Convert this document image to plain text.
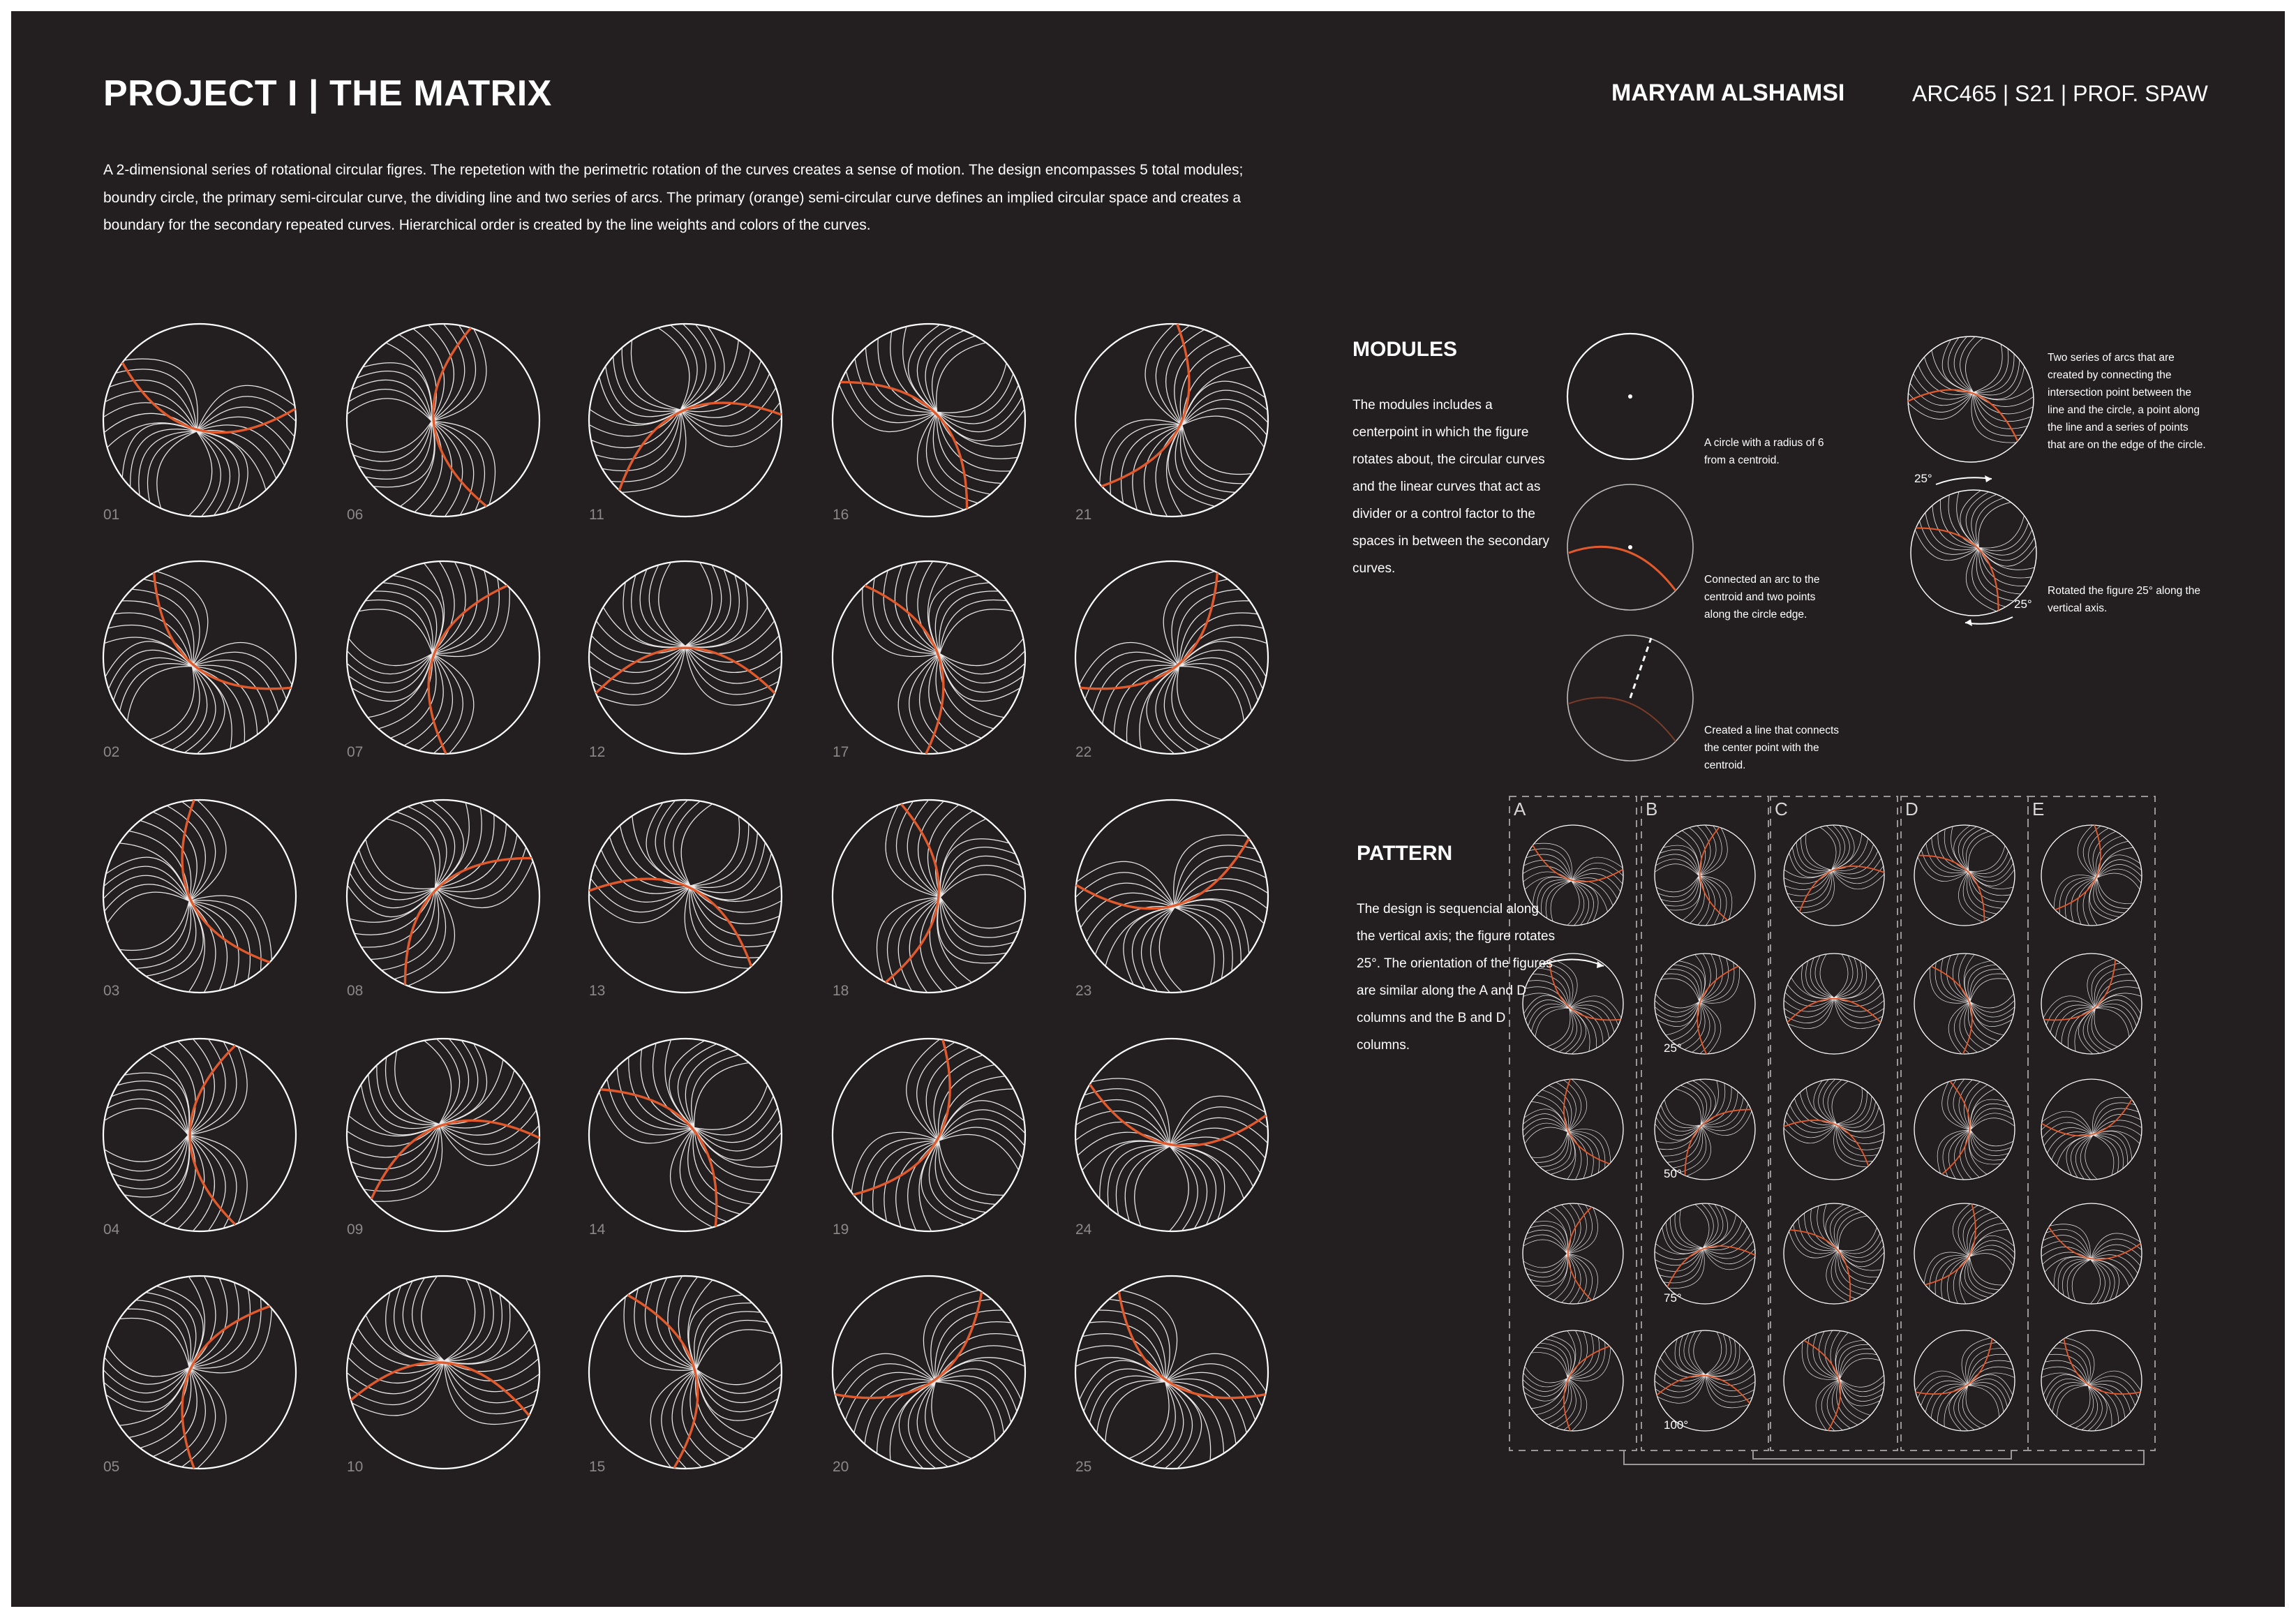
PROJECT I | THE MATRIX	MARYAM ALSHAMSI	ARC465 | S21 | PROF. SPAW
A 2-dimensional series of rotational circular figres. The repetetion with the perimetric rotation of the curves creates a sense of motion. The design encompasses 5 total modules; boundry circle, the primary semi-circular curve, the dividing line and two series of arcs. The primary (orange) semi-circular curve defines an implied circular space and creates a boundary for the secondary repeated curves. Hierarchical order is created by the line weights and colors of the curves.
MODULES
The modules includes a centerpoint in which the figure rotates about, the circular curves and the linear curves that act as divider or a control factor to the spaces in between the secondary curves.
A circle with a radius of 6 from a centroid.
Connected an arc to the centroid and two points along the circle edge.
Created a line that connects the center point with the centroid.
Two series of arcs that are created by connecting the intersection point between the line and the circle, a point along the line and a series of points that are on the edge of the circle.
Rotated the figure 25° along the vertical axis.
25°
25°
PATTERN
The design is sequencial along the vertical axis; the figure rotates 25°. The orientation of the figures are similar along the A and D columns and the B and D columns.
01
02
03
04
05
06
07
08
09
10
11
12
13
14
15
16
17
18
19
20
21
22
23
24
25
A	B	C	D	E
25°
50°
75°
100°
